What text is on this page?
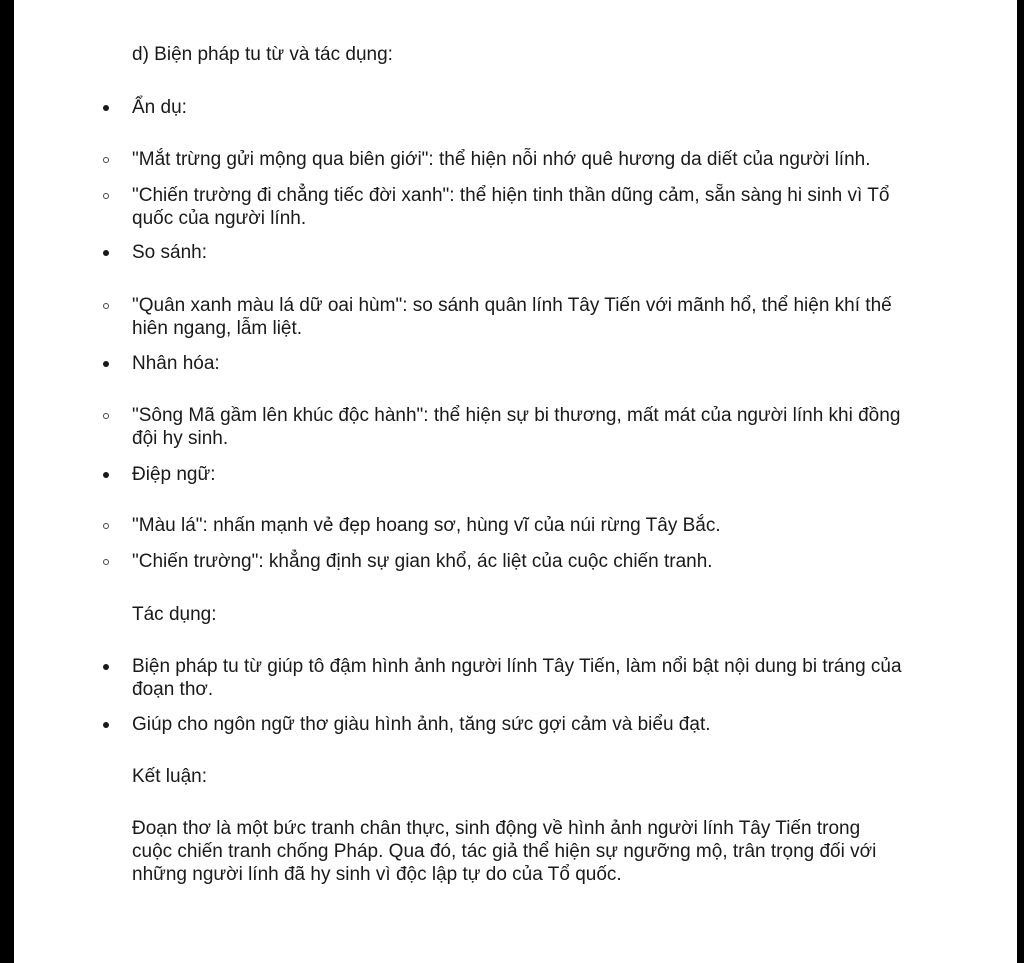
d) Biện pháp tu từ và tác dụng:
Ẩn dụ:
"Mắt trừng gửi mộng qua biên giới": thể hiện nỗi nhớ quê hương da diết của người lính.
"Chiến trường đi chẳng tiếc đời xanh": thể hiện tinh thần dũng cảm, sẵn sàng hi sinh vì Tổ quốc của người lính.
So sánh:
"Quân xanh màu lá dữ oai hùm": so sánh quân lính Tây Tiến với mãnh hổ, thể hiện khí thế hiên ngang, lẫm liệt.
Nhân hóa:
"Sông Mã gầm lên khúc độc hành": thể hiện sự bi thương, mất mát của người lính khi đồng đội hy sinh.
Điệp ngữ:
"Màu lá": nhấn mạnh vẻ đẹp hoang sơ, hùng vĩ của núi rừng Tây Bắc.
"Chiến trường": khẳng định sự gian khổ, ác liệt của cuộc chiến tranh.
Tác dụng:
Biện pháp tu từ giúp tô đậm hình ảnh người lính Tây Tiến, làm nổi bật nội dung bi tráng của đoạn thơ.
Giúp cho ngôn ngữ thơ giàu hình ảnh, tăng sức gợi cảm và biểu đạt.
Kết luận:
Đoạn thơ là một bức tranh chân thực, sinh động về hình ảnh người lính Tây Tiến trong cuộc chiến tranh chống Pháp. Qua đó, tác giả thể hiện sự ngưỡng mộ, trân trọng đối với những người lính đã hy sinh vì độc lập tự do của Tổ quốc.
